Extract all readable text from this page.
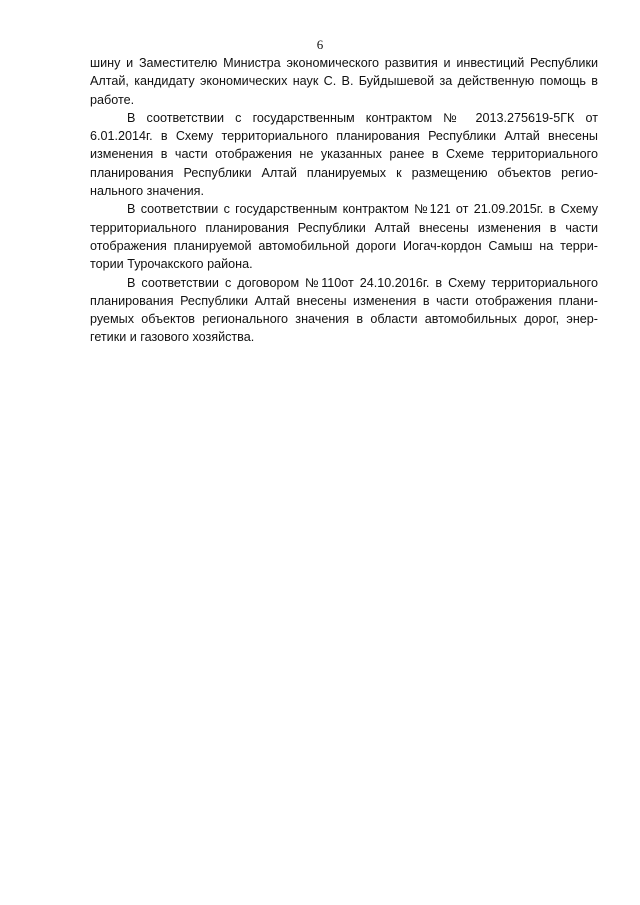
6

шину и Заместителю Министра экономического развития и инвестиций Республики Алтай, кандидату экономических наук С. В. Буйдышевой за действенную помощь в работе.

В соответствии с государственным контрактом № 2013.275619-5ГК от 6.01.2014г. в Схему территориального планирования Республики Алтай внесены изменения в части отображения не указанных ранее в Схеме территориального планирования Республики Алтай планируемых к размещению объектов регионального значения.

В соответствии с государственным контрактом №121 от 21.09.2015г. в Схему территориального планирования Республики Алтай внесены изменения в части отображения планируемой автомобильной дороги Иогач-кордон Самыш на территории Турочакского района.

В соответствии с договором №110от 24.10.2016г. в Схему территориального планирования Республики Алтай внесены изменения в части отображения планируемых объектов регионального значения в области автомобильных дорог, энергетики и газового хозяйства.
